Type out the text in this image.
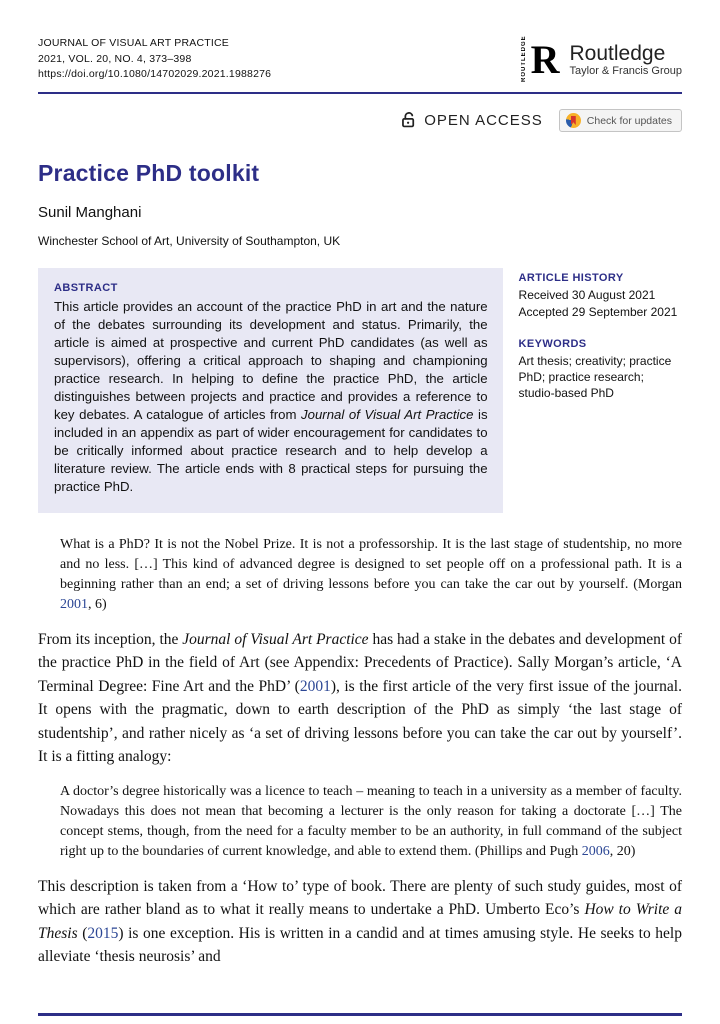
JOURNAL OF VISUAL ART PRACTICE
2021, VOL. 20, NO. 4, 373–398
https://doi.org/10.1080/14702029.2021.1988276	ROUTLEDGE R Routledge
Taylor & Francis Group
OPEN ACCESS	Check for updates
Practice PhD toolkit
Sunil Manghani
Winchester School of Art, University of Southampton, UK
ABSTRACT
This article provides an account of the practice PhD in art and the nature of the debates surrounding its development and status. Primarily, the article is aimed at prospective and current PhD candidates (as well as supervisors), offering a critical approach to shaping and championing practice research. In helping to define the practice PhD, the article distinguishes between projects and practice and provides a reference to key debates. A catalogue of articles from Journal of Visual Art Practice is included in an appendix as part of wider encouragement for candidates to be critically informed about practice research and to help develop a literature review. The article ends with 8 practical steps for pursuing the practice PhD.
ARTICLE HISTORY
Received 30 August 2021
Accepted 29 September 2021
KEYWORDS
Art thesis; creativity; practice PhD; practice research; studio-based PhD
What is a PhD? It is not the Nobel Prize. It is not a professorship. It is the last stage of studentship, no more and no less. […] This kind of advanced degree is designed to set people off on a professional path. It is a beginning rather than an end; a set of driving lessons before you can take the car out by yourself. (Morgan 2001, 6)

From its inception, the Journal of Visual Art Practice has had a stake in the debates and development of the practice PhD in the field of Art (see Appendix: Precedents of Practice). Sally Morgan’s article, ‘A Terminal Degree: Fine Art and the PhD’ (2001), is the first article of the very first issue of the journal. It opens with the pragmatic, down to earth description of the PhD as simply ‘the last stage of studentship’, and rather nicely as ‘a set of driving lessons before you can take the car out by yourself’. It is a fitting analogy:

A doctor’s degree historically was a licence to teach – meaning to teach in a university as a member of faculty. Nowadays this does not mean that becoming a lecturer is the only reason for taking a doctorate […] The concept stems, though, from the need for a faculty member to be an authority, in full command of the subject right up to the boundaries of current knowledge, and able to extend them. (Phillips and Pugh 2006, 20)

This description is taken from a ‘How to’ type of book. There are plenty of such study guides, most of which are rather bland as to what it really means to undertake a PhD. Umberto Eco’s How to Write a Thesis (2015) is one exception. His is written in a candid and at times amusing style. He seeks to help alleviate ‘thesis neurosis’ and
